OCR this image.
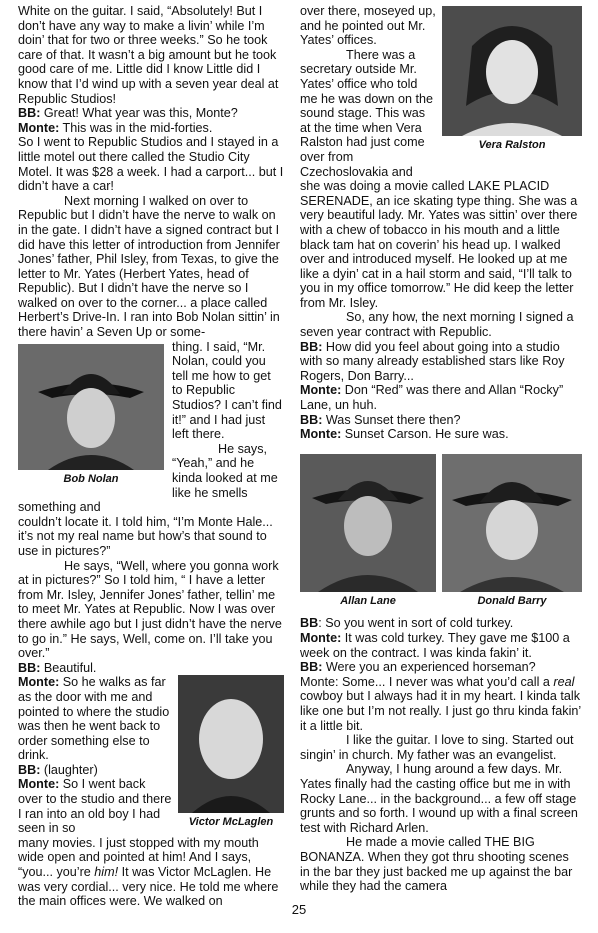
White on the guitar. I said, “Absolutely! But I don’t have any way to make a livin’ while I’m doin’ that for two or three weeks.” So he took care of that. It wasn’t a big amount but he took good care of me. Little did I know Little did I know that I’d wind up with a seven year deal at Republic Studios!

BB: Great! What year was this, Monte?

Monte: This was in the mid-forties.

So I went to Republic Studios and I stayed in a little motel out there called the Studio City Motel. It was $28 a week. I had a carport... but I didn’t have a car!

Next morning I walked on over to Republic but I didn’t have the nerve to walk on in the gate. I didn’t have a signed contract but I did have this letter of introduction from Jennifer Jones’ father, Phil Isley, from Texas, to give the letter to Mr. Yates (Herbert Yates, head of Republic). But I didn’t have the nerve so I walked on over to the corner... a place called Herbert’s Drive-In. I ran into Bob Nolan sittin’ in there havin’ a Seven Up or some-

Bob Nolan

thing. I said, “Mr. Nolan, could you tell me how to get to Republic Studios? I can’t find it!” and I had just left there.

He says, “Yeah,” and he kinda looked at me like he smells something and

couldn’t locate it. I told him, “I’m Monte Hale... it’s not my real name but how’s that sound to use in pictures?”

He says, “Well, where you gonna work at in pictures?” So I told him, “ I have a letter from Mr. Isley, Jennifer Jones’ father, tellin’ me to meet Mr. Yates at Republic. Now I was over there awhile ago but I just didn’t have the nerve to go in.” He says, Well, come on. I’ll take you over.”

BB: Beautiful.

Victor McLaglen

Monte: So he walks as far as the door with me and pointed to where the studio was then he went back to order something else to drink.

BB: (laughter)

Monte: So I went back over to the studio and there I ran into an old boy I had seen in so

many movies. I just stopped with my mouth wide open and pointed at him! And I says, “you... you’re him! It was Victor McLaglen. He was very cordial... very nice. He told me where the main offices were. We walked on

Vera Ralston

over there, moseyed up, and he pointed out Mr. Yates’ offices.

There was a secretary outside Mr. Yates’ office who told me he was down on the sound stage. This was at the time when Vera Ralston had just come over from Czechoslovakia and

she was doing a movie called LAKE PLACID SERENADE, an ice skating type thing. She was a very beautiful lady. Mr. Yates was sittin’ over there with a chew of tobacco in his mouth and a little black tam hat on coverin’ his head up. I walked over and introduced myself. He looked up at me like a dyin’ cat in a hail storm and said, “I’ll talk to you in my office tomorrow.” He did keep the letter from Mr. Isley.

So, any how, the next morning I signed a seven year contract with Republic.

BB: How did you feel about going into a studio with so many already established stars like Roy Rogers, Don Barry...

Monte: Don “Red” was there and Allan “Rocky” Lane, un huh.

BB: Was Sunset there then?

Monte: Sunset Carson. He sure was.

Allan Lane	Donald Barry

BB: So you went in sort of cold turkey.

Monte: It was cold turkey. They gave me $100 a week on the contract. I was kinda fakin’ it.

BB: Were you an experienced horseman?

Monte: Some... I never was what you’d call a real cowboy but I always had it in my heart. I kinda talk like one but I’m not really. I just go thru kinda fakin’ it a little bit.

I like the guitar. I love to sing. Started out singin’ in church. My father was an evangelist.

Anyway, I hung around a few days. Mr. Yates finally had the casting office but me in with Rocky Lane... in the background... a few off stage grunts and so forth. I wound up with a final screen test with Richard Arlen.

He made a movie called THE BIG BONANZA. When they got thru shooting scenes in the bar they just backed me up against the bar while they had the camera

25
